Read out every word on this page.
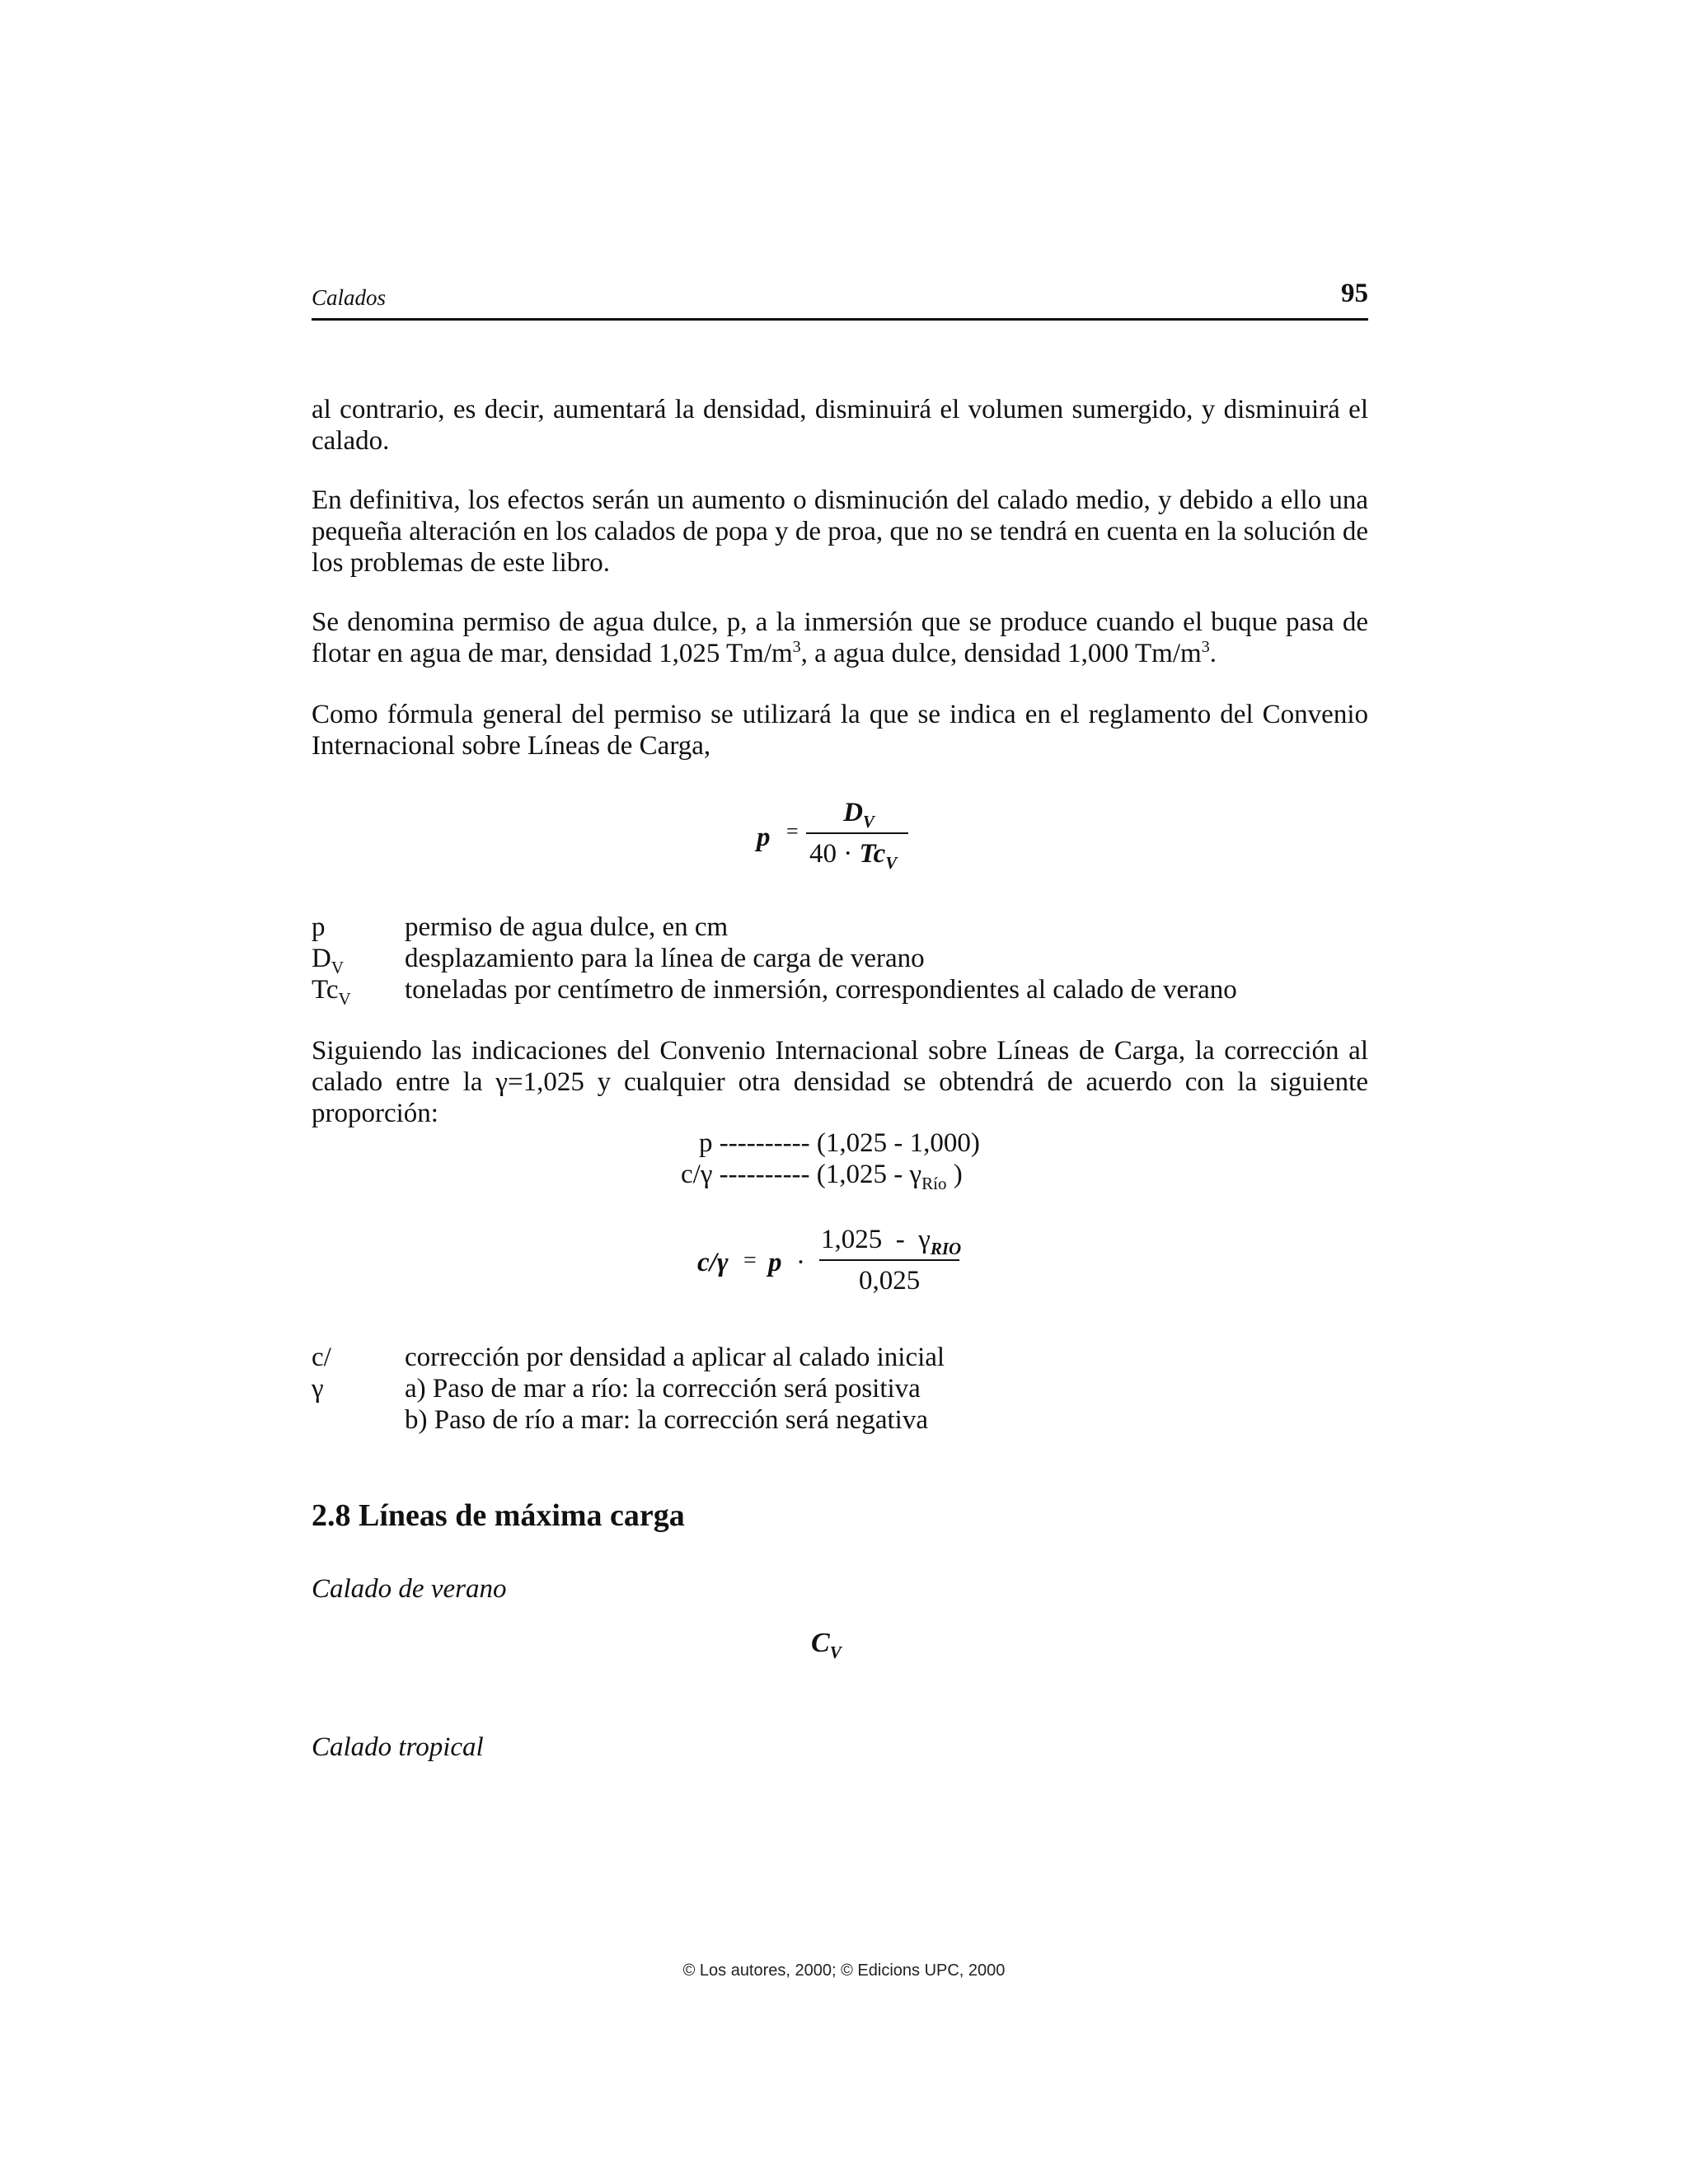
Calados	95

al contrario, es decir, aumentará la densidad, disminuirá el volumen sumergido, y disminuirá el calado.

En definitiva, los efectos serán un aumento o disminución del calado medio, y debido a ello una pequeña alteración en los calados de popa y de proa, que no se tendrá en cuenta en la solución de los problemas de este libro.

Se denomina permiso de agua dulce, p, a la inmersión que se produce cuando el buque pasa de flotar en agua de mar, densidad 1,025 $Tm/m^3$, a agua dulce, densidad 1,000 $Tm/m^3$.

Como fórmula general del permiso se utilizará la que se indica en el reglamento del Convenio Internacional sobre Líneas de Carga,

p =
$D_V$
$40 \cdot Tc_V$
p	permiso de agua dulce, en cm
$D_V$ desplazamiento para la línea de carga de verano
$Tc_V$ toneladas por centímetro de inmersión, correspondientes al calado de verano

Siguiendo las indicaciones del Convenio Internacional sobre Líneas de Carga, la corrección al calado entre la γ=1,025 y cualquier otra densidad se obtendrá de acuerdo con la siguiente proporción:

p ---------- (1,025 - 1,000)
c/γ ---------- ($1,025 - \gamma_{Río}$ )
c/γ = p ·
$1,025 - \gamma_{RIO}$
0,025
c/γ
corrección por densidad a aplicar al calado inicial
a) Paso de mar a río: la corrección será positiva
b) Paso de río a mar: la corrección será negativa
2.8 Líneas de máxima carga
Calado de verano
$C_V$
Calado tropical
© Los autores, 2000; © Edicions UPC, 2000
